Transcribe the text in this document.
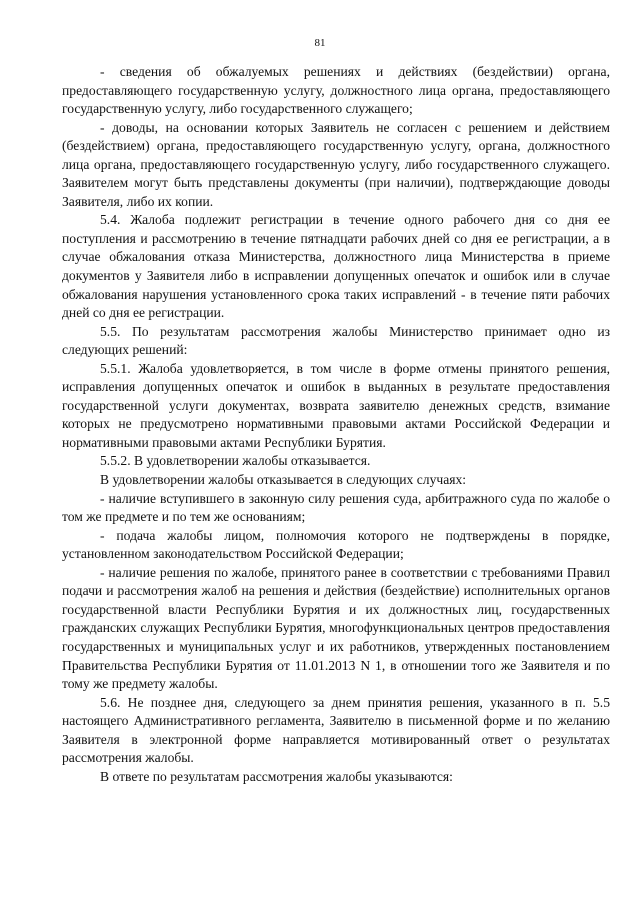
81

- сведения об обжалуемых решениях и действиях (бездействии) органа, предоставляющего государственную услугу, должностного лица органа, предоставляющего государственную услугу, либо государственного служащего;

- доводы, на основании которых Заявитель не согласен с решением и действием (бездействием) органа, предоставляющего государственную услугу, органа, должностного лица органа, предоставляющего государственную услугу, либо государственного служащего. Заявителем могут быть представлены документы (при наличии), подтверждающие доводы Заявителя, либо их копии.

5.4. Жалоба подлежит регистрации в течение одного рабочего дня со дня ее поступления и рассмотрению в течение пятнадцати рабочих дней со дня ее регистрации, а в случае обжалования отказа Министерства, должностного лица Министерства в приеме документов у Заявителя либо в исправлении допущенных опечаток и ошибок или в случае обжалования нарушения установленного срока таких исправлений - в течение пяти рабочих дней со дня ее регистрации.

5.5. По результатам рассмотрения жалобы Министерство принимает одно из следующих решений:

5.5.1. Жалоба удовлетворяется, в том числе в форме отмены принятого решения, исправления допущенных опечаток и ошибок в выданных в результате предоставления государственной услуги документах, возврата заявителю денежных средств, взимание которых не предусмотрено нормативными правовыми актами Российской Федерации и нормативными правовыми актами Республики Бурятия.

5.5.2. В удовлетворении жалобы отказывается.

В удовлетворении жалобы отказывается в следующих случаях:

- наличие вступившего в законную силу решения суда, арбитражного суда по жалобе о том же предмете и по тем же основаниям;

- подача жалобы лицом, полномочия которого не подтверждены в порядке, установленном законодательством Российской Федерации;

- наличие решения по жалобе, принятого ранее в соответствии с требованиями Правил подачи и рассмотрения жалоб на решения и действия (бездействие) исполнительных органов государственной власти Республики Бурятия и их должностных лиц, государственных гражданских служащих Республики Бурятия, многофункциональных центров предоставления государственных и муниципальных услуг и их работников, утвержденных постановлением Правительства Республики Бурятия от 11.01.2013 N 1, в отношении того же Заявителя и по тому же предмету жалобы.

5.6. Не позднее дня, следующего за днем принятия решения, указанного в п. 5.5 настоящего Административного регламента, Заявителю в письменной форме и по желанию Заявителя в электронной форме направляется мотивированный ответ о результатах рассмотрения жалобы.

В ответе по результатам рассмотрения жалобы указываются:
